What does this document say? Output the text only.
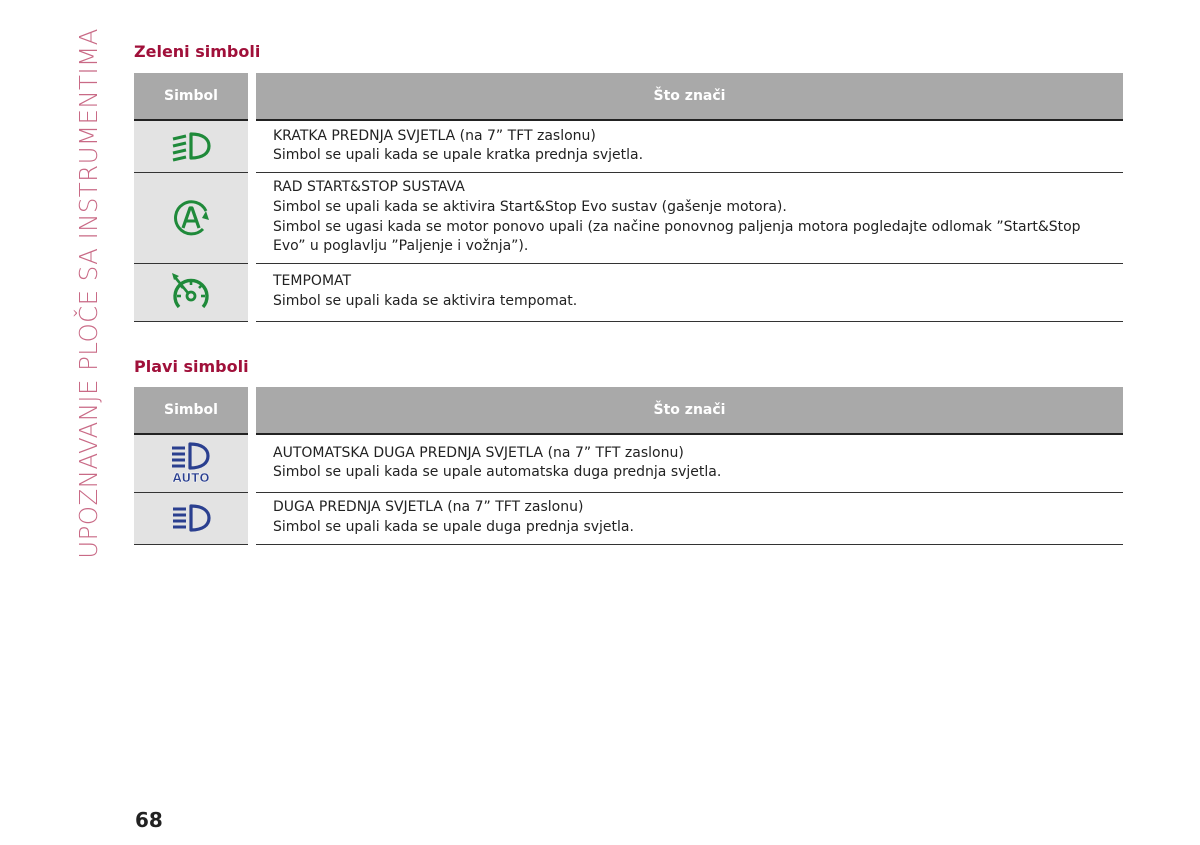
UPOZNAVANJE PLOČE SA INSTRUMENTIMA Zeleni simboli
Simbol	Što znači

KRATKA PREDNJA SVJETLA (na 7” TFT zaslonu)
Simbol se upali kada se upale kratka prednja svjetla.

RAD START&STOP SUSTAVA
Simbol se upali kada se aktivira Start&Stop Evo sustav (gašenje motora).
Simbol se ugasi kada se motor ponovo upali (za načine ponovnog paljenja motora pogledajte odlomak ”Start&Stop Evo” u poglavlju ”Paljenje i vožnja”).

TEMPOMAT
Simbol se upali kada se aktivira tempomat.
Plavi simboli
Simbol	Što znači

AUTO	AUTOMATSKA DUGA PREDNJA SVJETLA (na 7” TFT zaslonu)
Simbol se upali kada se upale automatska duga prednja svjetla.

DUGA PREDNJA SVJETLA (na 7” TFT zaslonu)
Simbol se upali kada se upale duga prednja svjetla.
68
